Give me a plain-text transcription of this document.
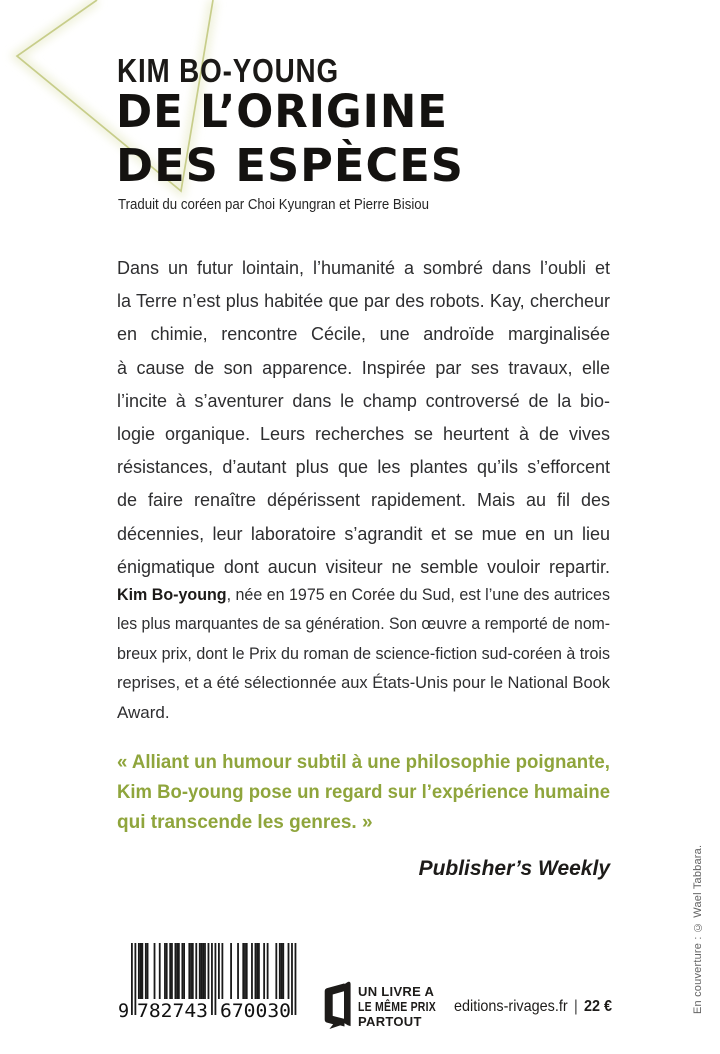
KIM BO-YOUNG
DE L’ORIGINE
DES ESPÈCES
Traduit du coréen par Choi Kyungran et Pierre Bisiou
Dans un futur lointain, l’humanité a sombré dans l’oubli et
la Terre n’est plus habitée que par des robots. Kay, chercheur
en chimie, rencontre Cécile, une androïde marginalisée
à cause de son apparence. Inspirée par ses travaux, elle
l’incite à s’aventurer dans le champ controversé de la bio-
logie organique. Leurs recherches se heurtent à de vives
résistances, d’autant plus que les plantes qu’ils s’efforcent
de faire renaître dépérissent rapidement. Mais au fil des
décennies, leur laboratoire s’agrandit et se mue en un lieu
énigmatique dont aucun visiteur ne semble vouloir repartir.
Kim Bo-young, née en 1975 en Corée du Sud, est l’une des autrices
les plus marquantes de sa génération. Son œuvre a remporté de nom-
breux prix, dont le Prix du roman de science-fiction sud-coréen à trois
reprises, et a été sélectionnée aux États-Unis pour le National Book
Award.
« Alliant un humour subtil à une philosophie poignante,
Kim Bo-young pose un regard sur l’expérience humaine
qui transcende les genres. »

Publisher’s Weekly

9 782743 670030
UN LIVRE A
LE MÊME PRIX
PARTOUT
editions-rivages.fr | 22 €	En couverture : © Wael Tabbara.
